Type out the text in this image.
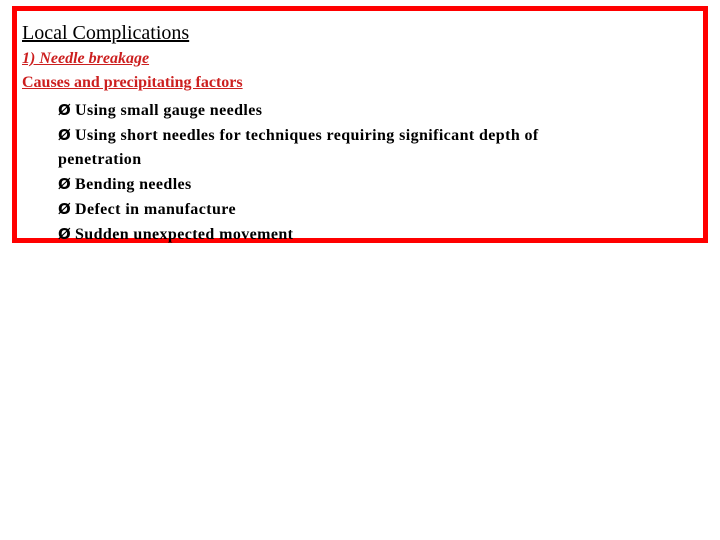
Local Complications
1) Needle breakage
Causes and precipitating factors
Ø Using small gauge needles
Ø Using short needles for techniques requiring significant depth of
penetration
Ø Bending needles
Ø Defect in manufacture
Ø Sudden unexpected movement
